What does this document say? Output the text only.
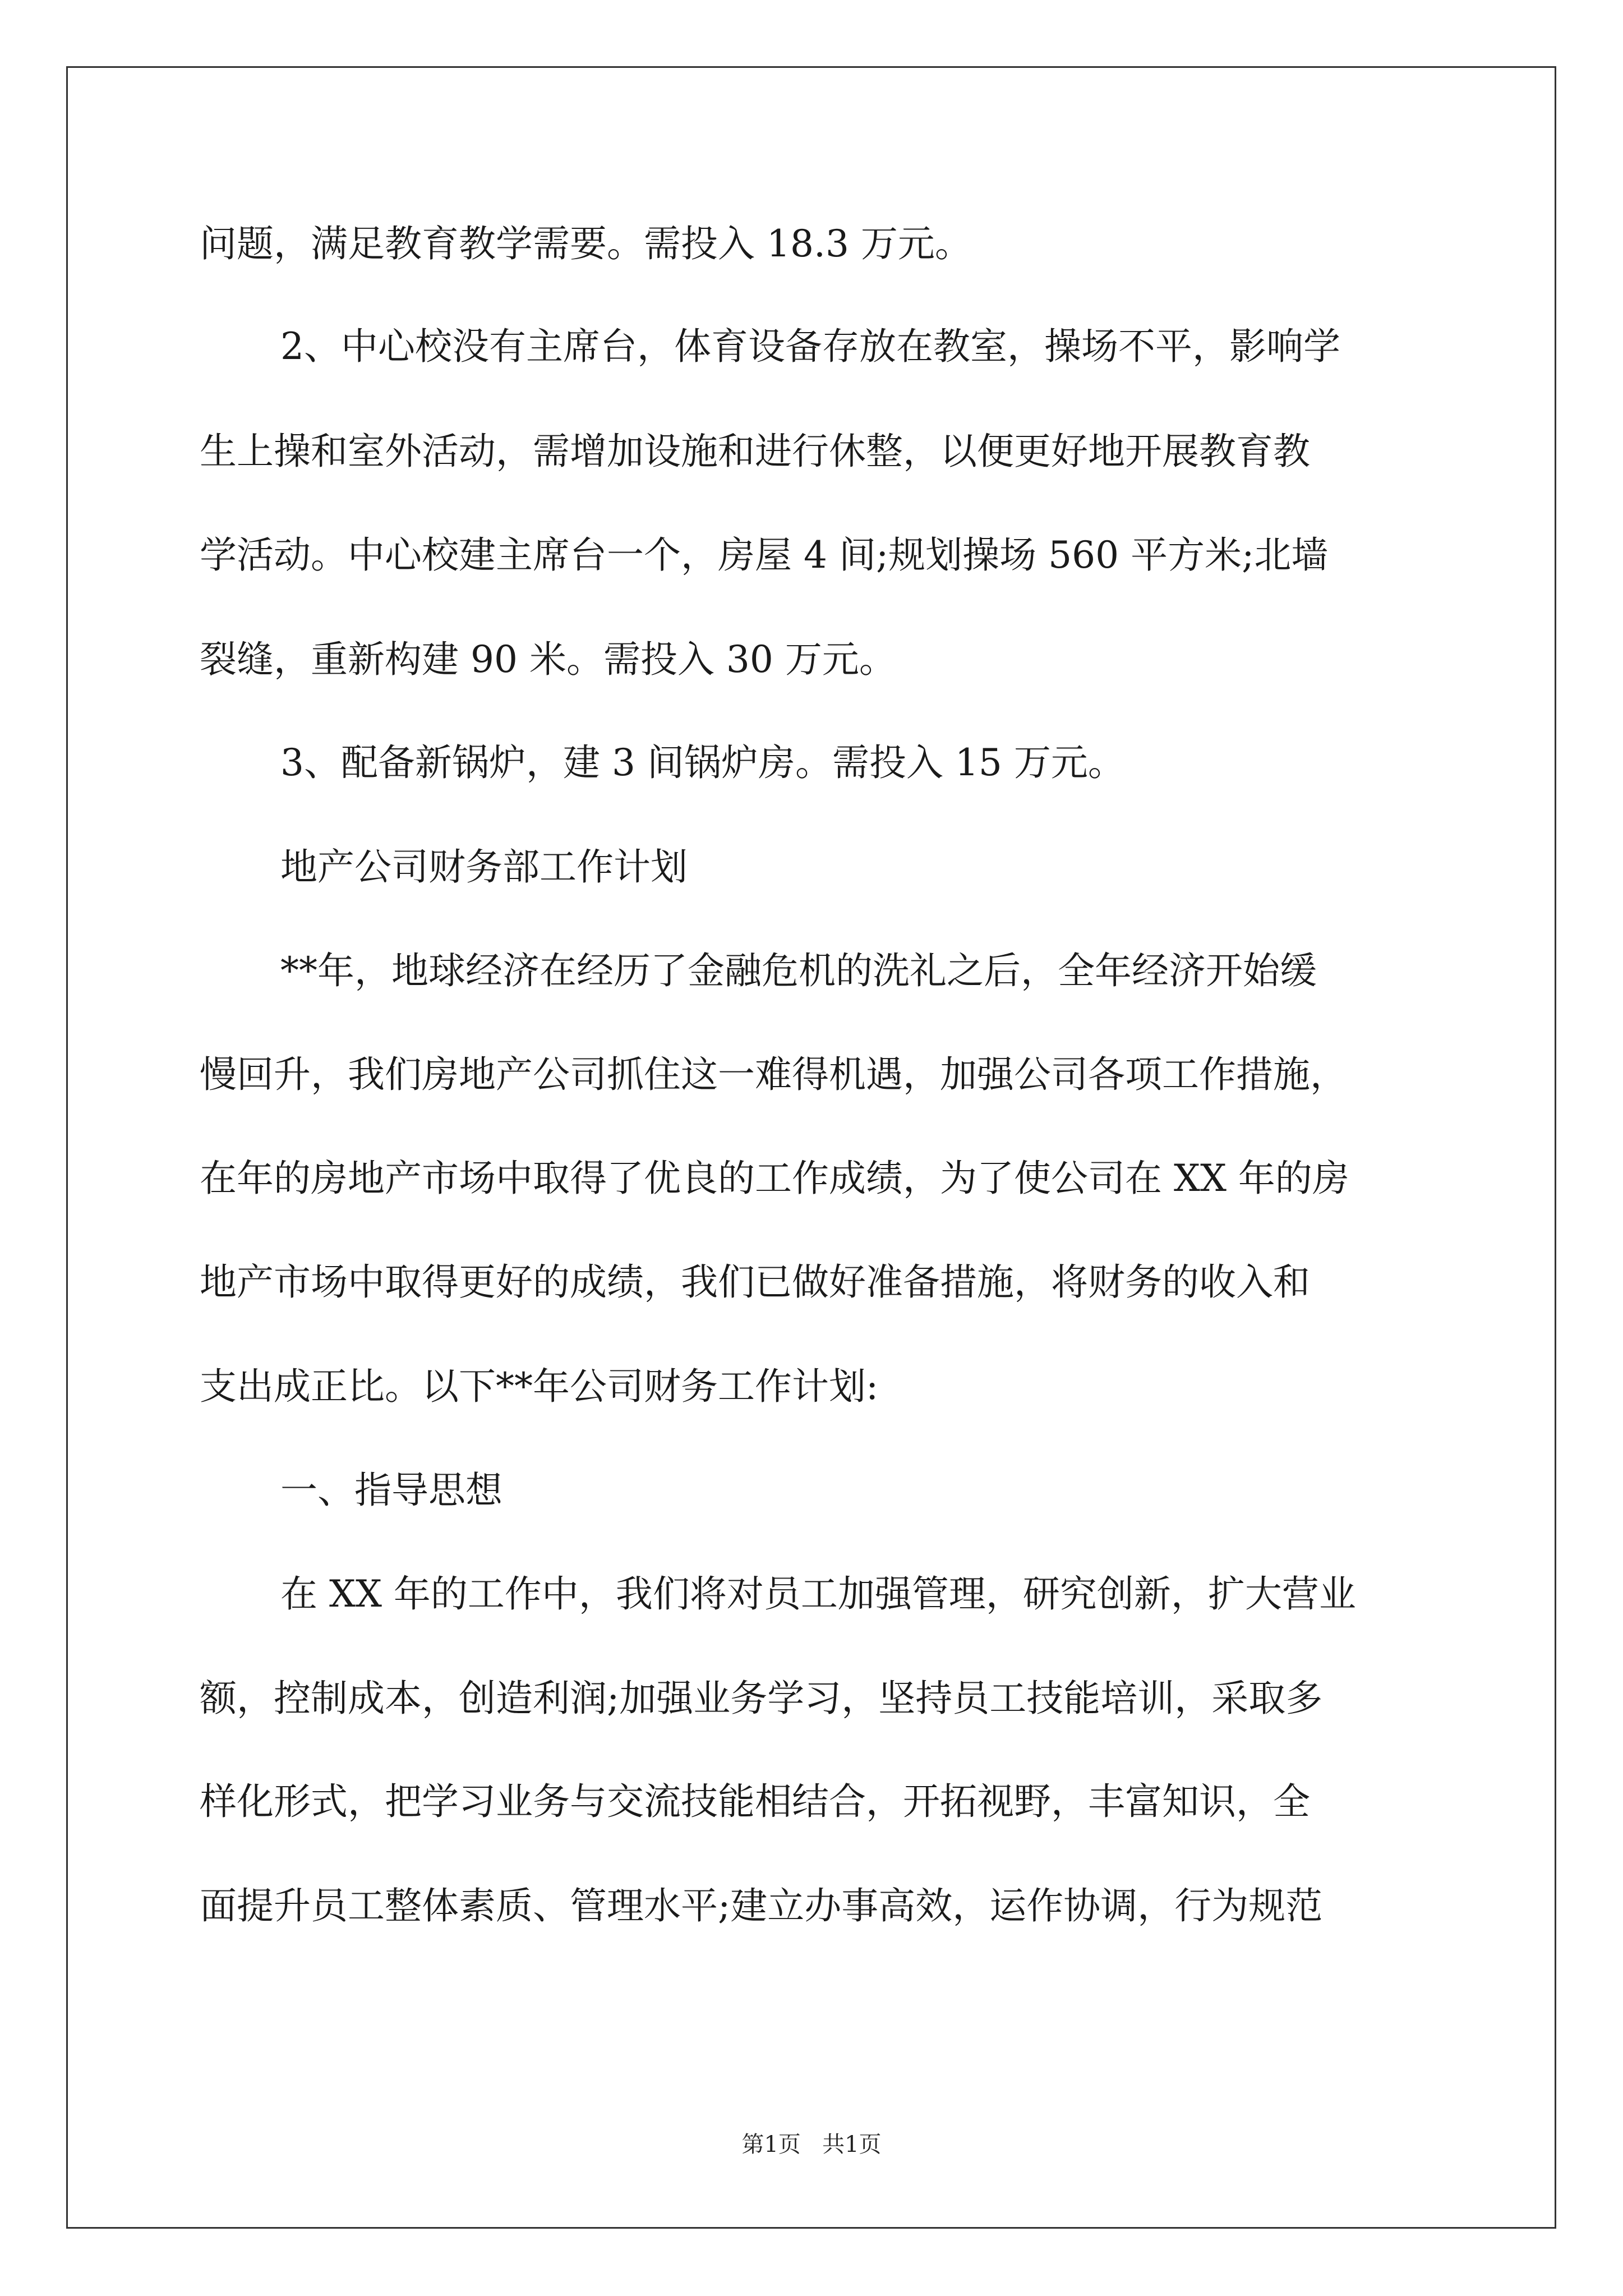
问题，满足教育教学需要。需投入 18.3 万元。
2、中心校没有主席台，体育设备存放在教室，操场不平，影响学
生上操和室外活动，需增加设施和进行休整，以便更好地开展教育教
学活动。中心校建主席台一个，房屋 4 间;规划操场 560 平方米;北墙
裂缝，重新构建 90 米。需投入 30 万元。
3、配备新锅炉，建 3 间锅炉房。需投入 15 万元。
地产公司财务部工作计划
**年，地球经济在经历了金融危机的洗礼之后，全年经济开始缓
慢回升，我们房地产公司抓住这一难得机遇，加强公司各项工作措施，
在年的房地产市场中取得了优良的工作成绩，为了使公司在 XX 年的房
地产市场中取得更好的成绩，我们已做好准备措施，将财务的收入和
支出成正比。以下**年公司财务工作计划:
一、指导思想
在 XX 年的工作中，我们将对员工加强管理，研究创新，扩大营业
额，控制成本，创造利润;加强业务学习，坚持员工技能培训，采取多
样化形式，把学习业务与交流技能相结合，开拓视野，丰富知识，全
面提升员工整体素质、管理水平;建立办事高效，运作协调，行为规范
第1页 共1页
